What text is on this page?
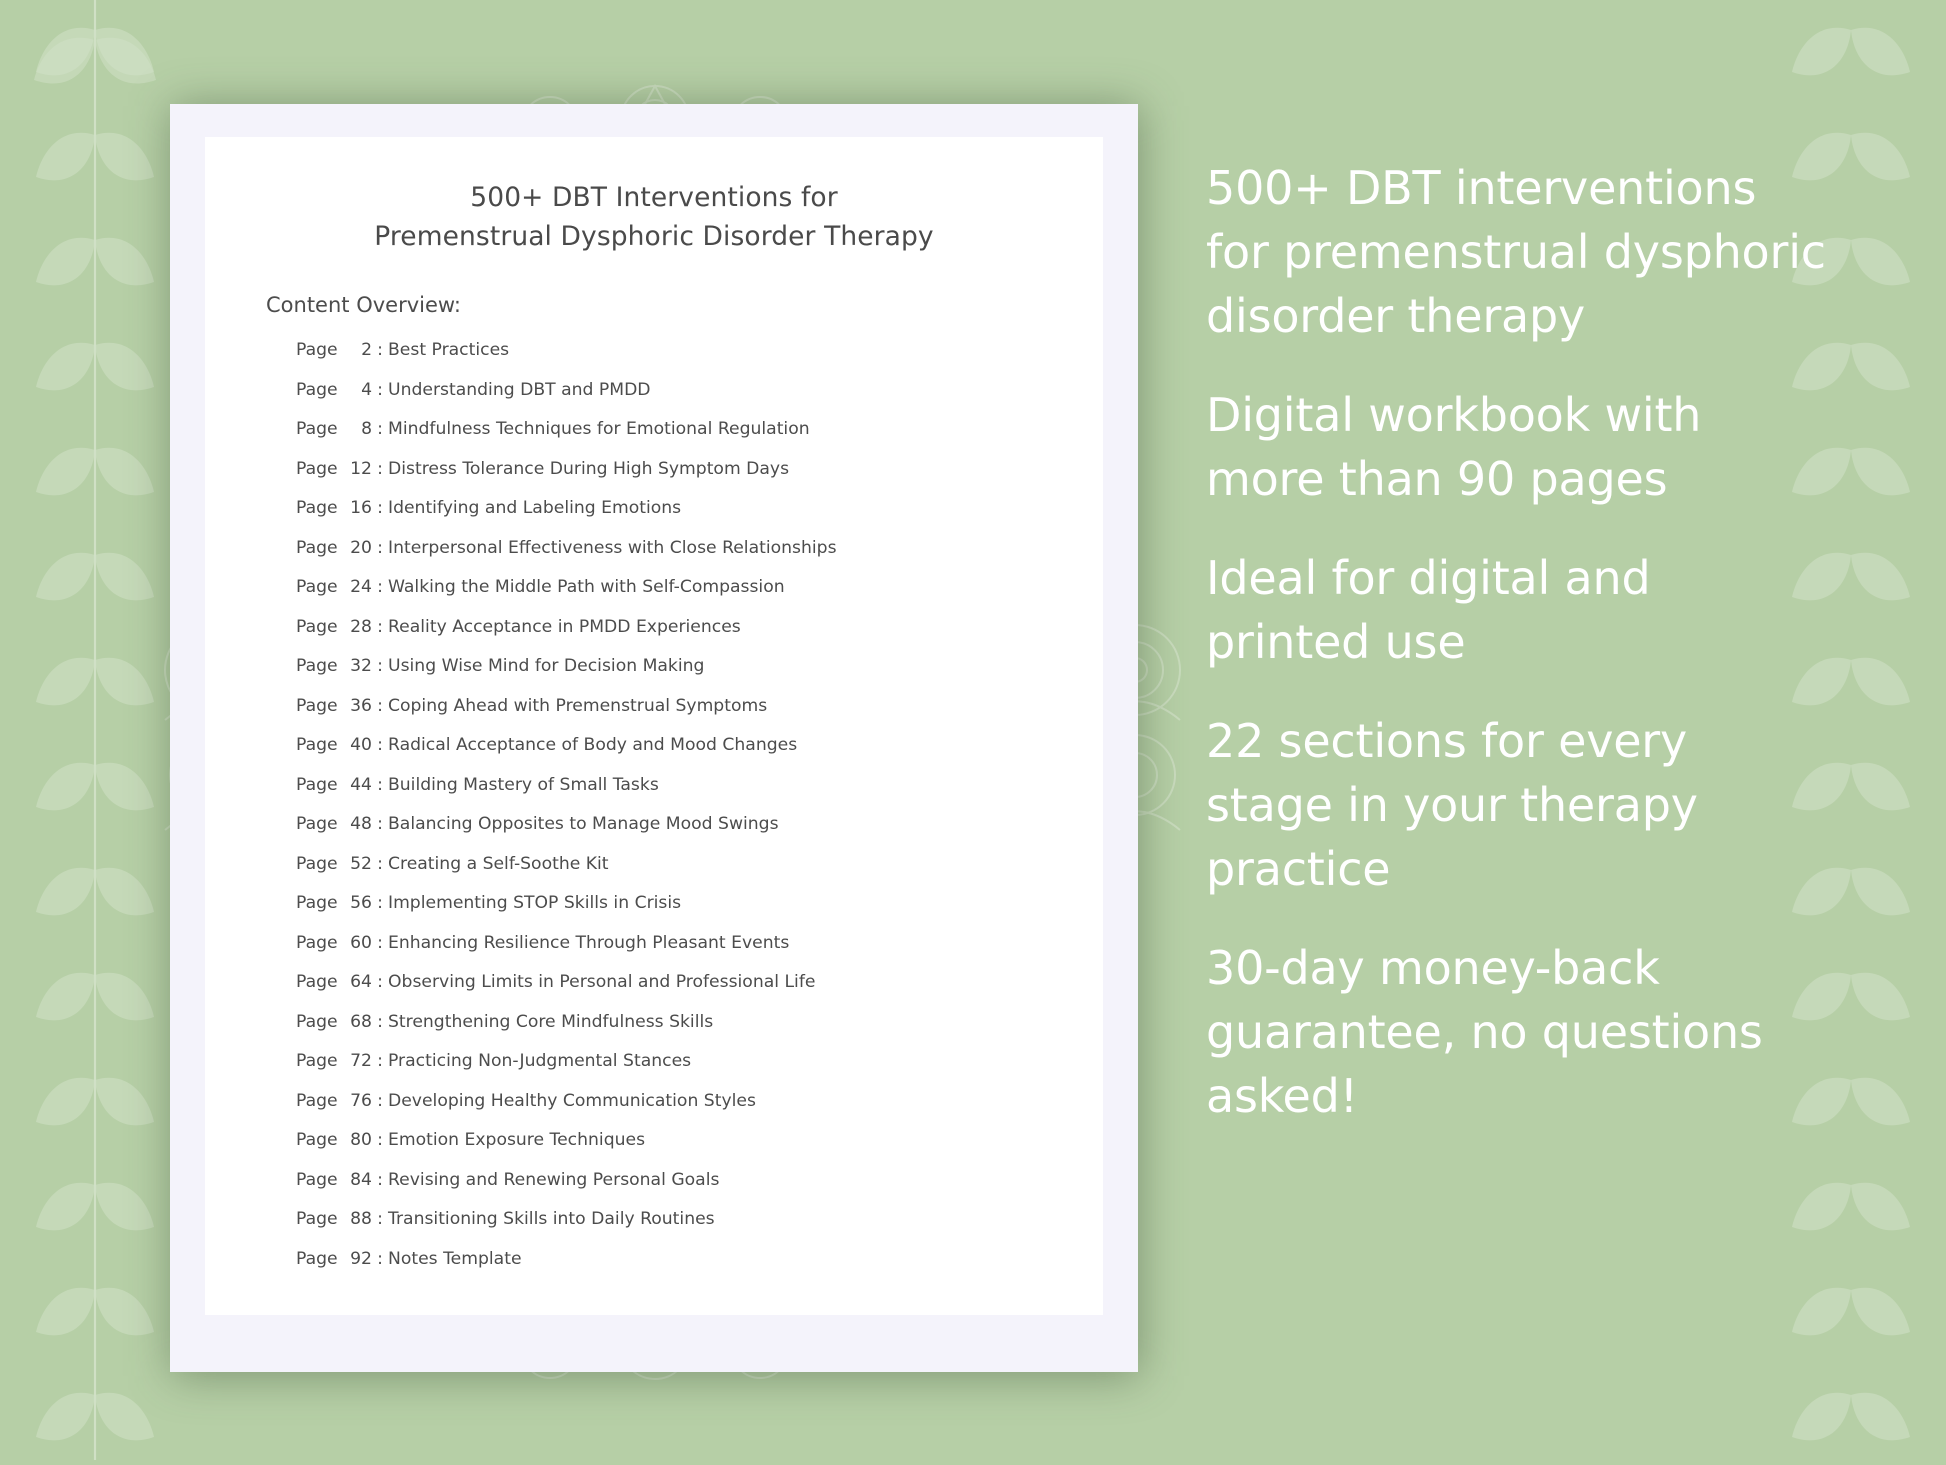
500+ DBT Interventions for
Premenstrual Dysphoric Disorder Therapy
Content Overview:
Page	2 : Best Practices
Page	4 : Understanding DBT and PMDD
Page	8 : Mindfulness Techniques for Emotional Regulation
Page 12 : Distress Tolerance During High Symptom Days
Page 16 : Identifying and Labeling Emotions
Page 20 : Interpersonal Effectiveness with Close Relationships
Page 24 : Walking the Middle Path with Self-Compassion
Page 28 : Reality Acceptance in PMDD Experiences
Page 32 : Using Wise Mind for Decision Making
Page 36 : Coping Ahead with Premenstrual Symptoms
Page 40 : Radical Acceptance of Body and Mood Changes
Page 44 : Building Mastery of Small Tasks
Page 48 : Balancing Opposites to Manage Mood Swings
Page 52 : Creating a Self-Soothe Kit
Page 56 : Implementing STOP Skills in Crisis
Page 60 : Enhancing Resilience Through Pleasant Events
Page 64 : Observing Limits in Personal and Professional Life
Page 68 : Strengthening Core Mindfulness Skills
Page 72 : Practicing Non-Judgmental Stances
Page 76 : Developing Healthy Communication Styles
Page 80 : Emotion Exposure Techniques
Page 84 : Revising and Renewing Personal Goals
Page 88 : Transitioning Skills into Daily Routines
Page 92 : Notes Template
500+ DBT interventions for premenstrual dysphoric disorder therapy
Digital workbook with more than 90 pages
Ideal for digital and printed use
22 sections for every stage in your therapy practice
30-day money-back guarantee, no questions asked!
